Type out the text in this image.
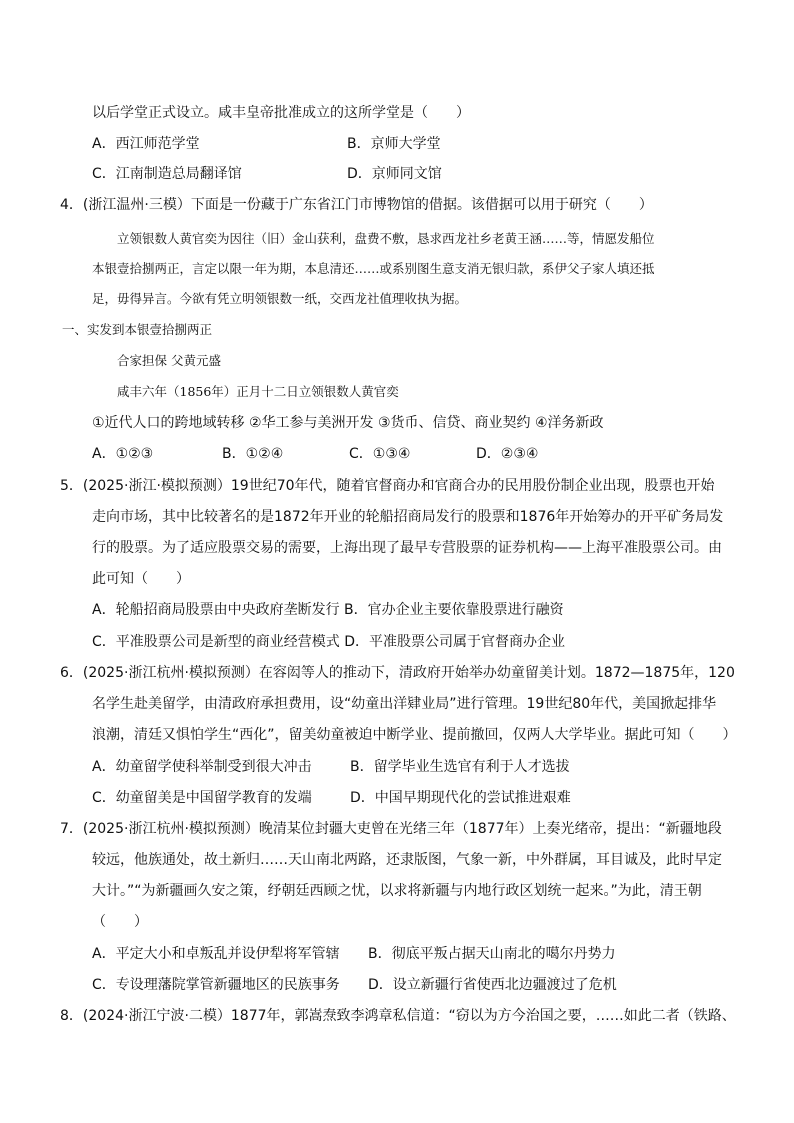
以后学堂正式设立。咸丰皇帝批准成立的这所学堂是（　　）
A．西江师范学堂	B．京师大学堂
C．江南制造总局翻译馆	D．京师同文馆
4．(浙江温州·三模）下面是一份藏于广东省江门市博物馆的借据。该借据可以用于研究（　　）
立领银数人黄官奕为因往（旧）金山获利，盘费不敷，恳求西龙社乡老黄王涵……等，情愿发船位
本银壹拾捌两正，言定以限一年为期，本息清还……或系别图生意支消无银归款，系伊父子家人填还抵
足，毋得异言。今欲有凭立明领银数一纸，交西龙社值理收执为据。
一、实发到本银壹拾捌两正
合家担保 父黄元盛
咸丰六年（1856年）正月十二日立领银数人黄官奕
①近代人口的跨地域转移 ②华工参与美洲开发 ③货币、信贷、商业契约 ④洋务新政
A．①②③	B．①②④	C．①③④	D．②③④
5．(2025·浙江·模拟预测）19世纪70年代，随着官督商办和官商合办的民用股份制企业出现，股票也开始
走向市场，其中比较著名的是1872年开业的轮船招商局发行的股票和1876年开始筹办的开平矿务局发
行的股票。为了适应股票交易的需要，上海出现了最早专营股票的证券机构——上海平准股票公司。由
此可知（　　）
A．轮船招商局股票由中央政府垄断发行 B．官办企业主要依靠股票进行融资
C．平准股票公司是新型的商业经营模式 D．平准股票公司属于官督商办企业
6．(2025·浙江杭州·模拟预测）在容闳等人的推动下，清政府开始举办幼童留美计划。1872—1875年，120
名学生赴美留学，由清政府承担费用，设“幼童出洋肄业局”进行管理。19世纪80年代，美国掀起排华
浪潮，清廷又惧怕学生“西化”，留美幼童被迫中断学业、提前撤回，仅两人大学毕业。据此可知（　　）
A．幼童留学使科举制受到很大冲击	B．留学毕业生选官有利于人才选拔
C．幼童留美是中国留学教育的发端	D．中国早期现代化的尝试推进艰难
7．(2025·浙江杭州·模拟预测）晚清某位封疆大吏曾在光绪三年（1877年）上奏光绪帝，提出：“新疆地段
较远，他族通处，故土新归……天山南北两路，还隶版图，气象一新，中外群属，耳目诚及，此时早定
大计。”“为新疆画久安之策，纾朝廷西顾之忧，以求将新疆与内地行政区划统一起来。”为此，清王朝
（　　）
A．平定大小和卓叛乱并设伊犁将军管辖 B．彻底平叛占据天山南北的噶尔丹势力
C．专设理藩院掌管新疆地区的民族事务 D．设立新疆行省使西北边疆渡过了危机
8．(2024·浙江宁波·二模）1877年，郭嵩焘致李鸿章私信道：“窃以为方今治国之要，……如此二者（铁路、
